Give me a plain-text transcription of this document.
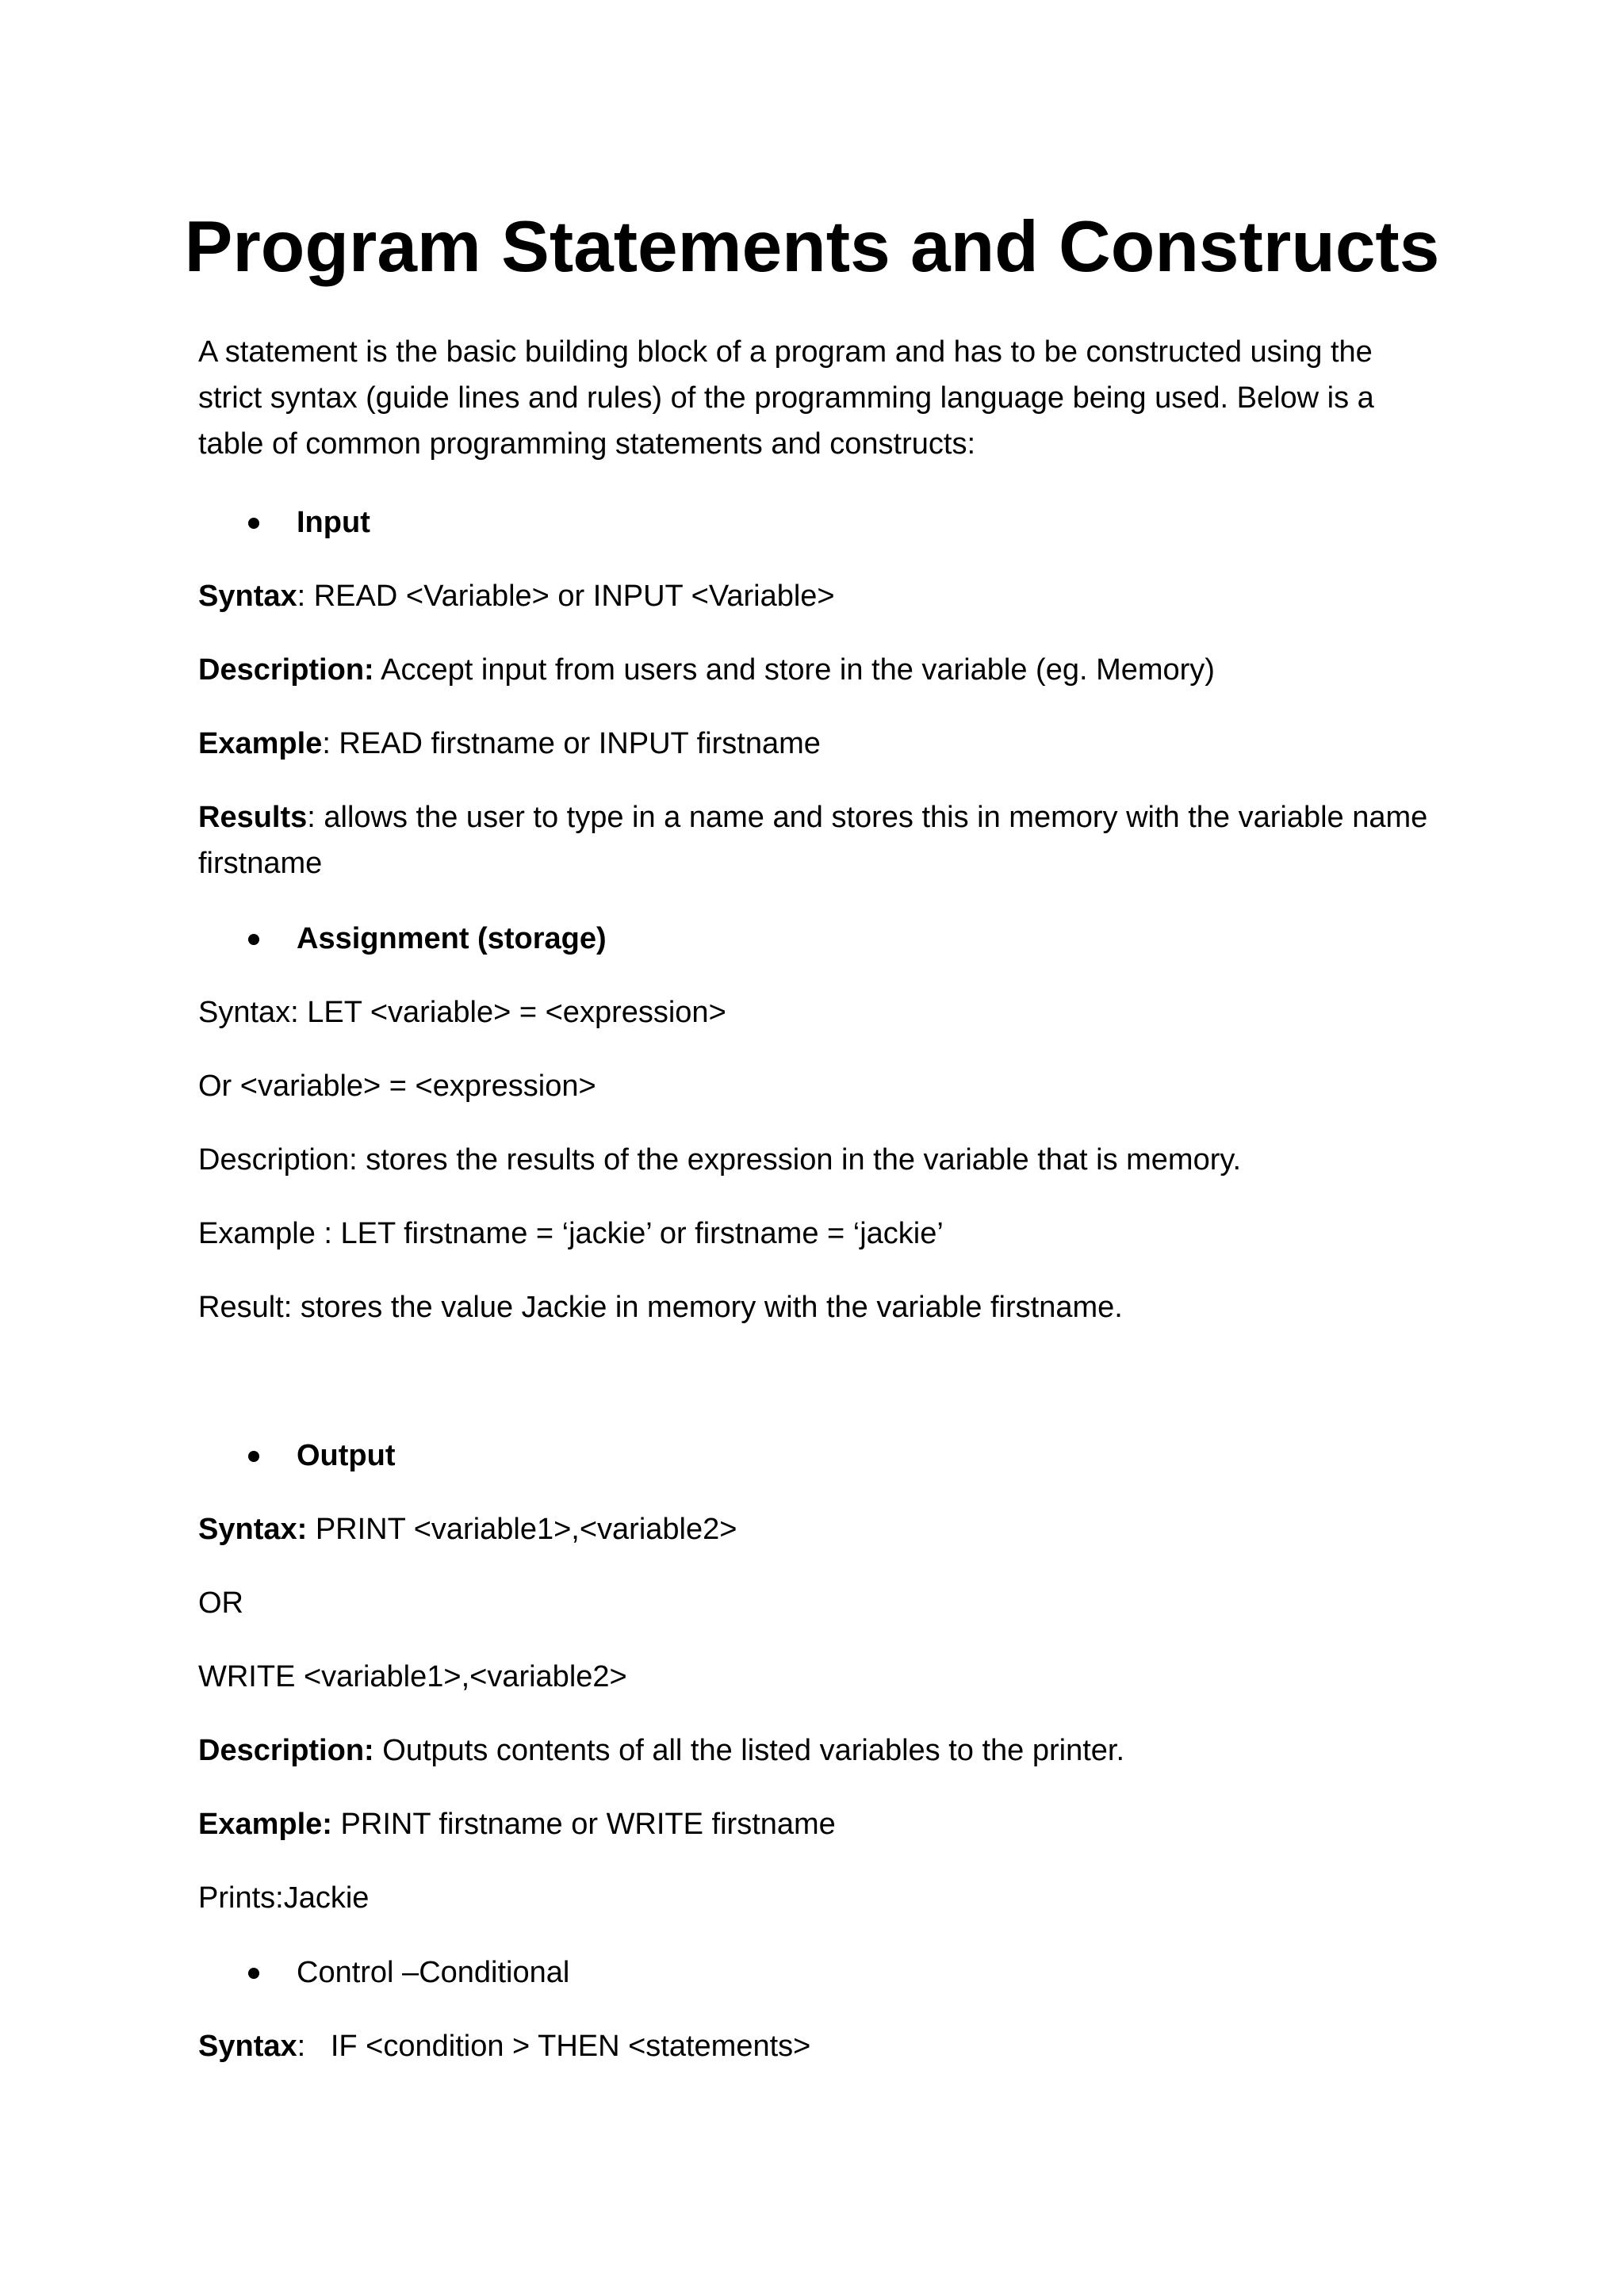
Program Statements and Constructs
A statement is the basic building block of a program and has to be constructed using the
strict syntax (guide lines and rules) of the programming language being used. Below is a
table of common programming statements and constructs:
Input
Syntax: READ <Variable> or INPUT <Variable>
Description: Accept input from users and store in the variable (eg. Memory)
Example: READ firstname or INPUT firstname
Results: allows the user to type in a name and stores this in memory with the variable name
firstname
Assignment (storage)
Syntax: LET <variable> = <expression>
Or <variable> = <expression>
Description: stores the results of the expression in the variable that is memory.
Example : LET firstname = ‘jackie’ or firstname = ‘jackie’
Result: stores the value Jackie in memory with the variable firstname.
Output
Syntax: PRINT <variable1>,<variable2>
OR
WRITE <variable1>,<variable2>
Description: Outputs contents of all the listed variables to the printer.
Example: PRINT firstname or WRITE firstname
Prints:Jackie
Control –Conditional
Syntax:   IF <condition > THEN <statements>
